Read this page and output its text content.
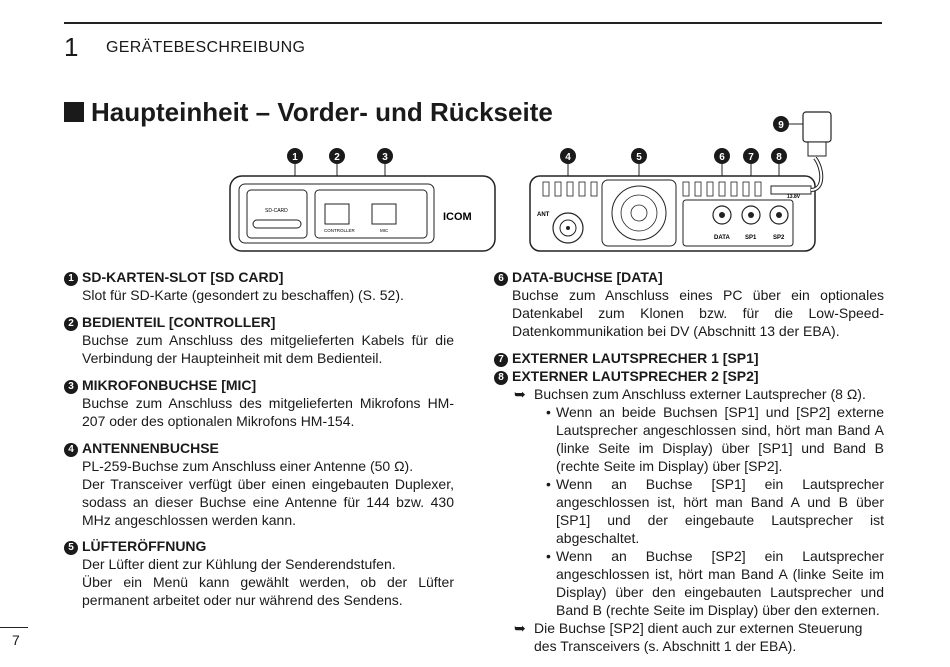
1 GERÄTEBESCHREIBUNG
Haupteinheit – Vorder- und Rückseite
1	2	3
SD-CARD
CONTROLLER	MIC
ICOM
4	5	6 7 8
9
ANT
DATA	SP1	SP2
13.8V
1 SD-KARTEN-SLOT [SD CARD]
Slot für SD-Karte (gesondert zu beschaffen) (S. 52).
2 BEDIENTEIL [CONTROLLER]
Buchse zum Anschluss des mitgelieferten Kabels für die Verbindung der Haupteinheit mit dem Bedienteil.
3 MIKROFONBUCHSE [MIC]
Buchse zum Anschluss des mitgelieferten Mikrofons HM-207 oder des optionalen Mikrofons HM-154.
4 ANTENNENBUCHSE
PL-259-Buchse zum Anschluss einer Antenne (50 Ω).
Der Transceiver verfügt über einen eingebauten Duplexer, sodass an dieser Buchse eine Antenne für 144 bzw. 430 MHz angeschlossen werden kann.
5 LÜFTERÖFFNUNG
Der Lüfter dient zur Kühlung der Senderendstufen.
Über ein Menü kann gewählt werden, ob der Lüfter permanent arbeitet oder nur während des Sendens.
6 DATA-BUCHSE [DATA]
Buchse zum Anschluss eines PC über ein optionales Datenkabel zum Klonen bzw. für die Low-Speed-Datenkommunikation bei DV (Abschnitt 13 der EBA).
7 EXTERNER LAUTSPRECHER 1 [SP1]
8 EXTERNER LAUTSPRECHER 2 [SP2]
➥ Buchsen zum Anschluss externer Lautsprecher (8 Ω).
• Wenn an beide Buchsen [SP1] und [SP2] externe Lautsprecher angeschlossen sind, hört man Band A (linke Seite im Display) über [SP1] und Band B (rechte Seite im Display) über [SP2].
• Wenn an Buchse [SP1] ein Lautsprecher angeschlossen ist, hört man Band A und B über [SP1] und der eingebaute Lautsprecher ist abgeschaltet.
• Wenn an Buchse [SP2] ein Lautsprecher angeschlossen ist, hört man Band A (linke Seite im Display) über den eingebauten Lautsprecher und Band B (rechte Seite im Display) über den externen.
➥ Die Buchse [SP2] dient auch zur externen Steuerung des Transceivers (s. Abschnitt 1 der EBA).
7
